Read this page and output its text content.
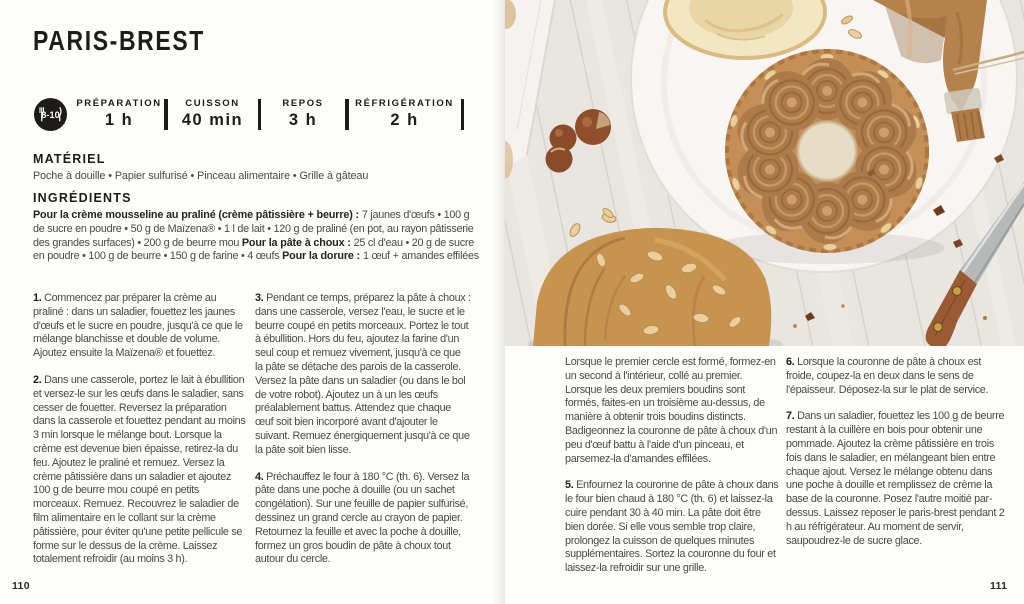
PARIS-BREST
8-10
PRÉPARATION
1 h
CUISSON
40 min
REPOS
3 h
RÉFRIGÉRATION
2 h
MATÉRIEL
Poche à douille • Papier sulfurisé • Pinceau alimentaire • Grille à gâteau
INGRÉDIENTS
Pour la crème mousseline au praliné (crème pâtissière + beurre) : 7 jaunes d'œufs • 100 g de sucre en poudre • 50 g de Maïzena® • 1 l de lait • 120 g de praliné (en pot, au rayon pâtisserie des grandes surfaces) • 200 g de beurre mou Pour la pâte à choux : 25 cl d'eau • 20 g de sucre en poudre • 100 g de beurre • 150 g de farine • 4 œufs Pour la dorure : 1 œuf + amandes effilées

1. Commencez par préparer la crème au praliné : dans un saladier, fouettez les jaunes d'œufs et le sucre en poudre, jusqu'à ce que le mélange blanchisse et double de volume. Ajoutez ensuite la Maïzena® et fouettez.

2. Dans une casserole, portez le lait à ébullition et versez-le sur les œufs dans le saladier, sans cesser de fouetter. Reversez la préparation dans la casserole et fouettez pendant au moins 3 min lorsque le mélange bout. Lorsque la crème est devenue bien épaisse, retirez-la du feu. Ajoutez le praliné et remuez. Versez la crème pâtissière dans un saladier et ajoutez 100 g de beurre mou coupé en petits morceaux. Remuez. Recouvrez le saladier de film alimentaire en le collant sur la crème pâtissière, pour éviter qu'une petite pellicule se forme sur le dessus de la crème. Laissez totalement refroidir (au moins 3 h).

3. Pendant ce temps, préparez la pâte à choux : dans une casserole, versez l'eau, le sucre et le beurre coupé en petits morceaux. Portez le tout à ébullition. Hors du feu, ajoutez la farine d'un seul coup et remuez vivement, jusqu'à ce que la pâte se détache des parois de la casserole. Versez la pâte dans un saladier (ou dans le bol de votre robot). Ajoutez un à un les œufs préalablement battus. Attendez que chaque œuf soit bien incorporé avant d'ajouter le suivant. Remuez énergiquement jusqu'à ce que la pâte soit bien lisse.

4. Préchauffez le four à 180 °C (th. 6). Versez la pâte dans une poche à douille (ou un sachet congélation). Sur une feuille de papier sulfurisé, dessinez un grand cercle au crayon de papier. Retournez la feuille et avec la poche à douille, formez un gros boudin de pâte à choux tout autour du cercle.

Lorsque le premier cercle est formé, formez-en un second à l'intérieur, collé au premier. Lorsque les deux premiers boudins sont formés, faites-en un troisième au-dessus, de manière à obtenir trois boudins distincts. Badigeonnez la couronne de pâte à choux d'un peu d'œuf battu à l'aide d'un pinceau, et parsemez-la d'amandes effilées.

5. Enfournez la couronne de pâte à choux dans le four bien chaud à 180 °C (th. 6) et laissez-la cuire pendant 30 à 40 min. La pâte doit être bien dorée. Si elle vous semble trop claire, prolongez la cuisson de quelques minutes supplémentaires. Sortez la couronne du four et laissez-la refroidir sur une grille.

6. Lorsque la couronne de pâte à choux est froide, coupez-la en deux dans le sens de l'épaisseur. Déposez-la sur le plat de service.

7. Dans un saladier, fouettez les 100 g de beurre restant à la cuillère en bois pour obtenir une pommade. Ajoutez la crème pâtissière en trois fois dans le saladier, en mélangeant bien entre chaque ajout. Versez le mélange obtenu dans une poche à douille et remplissez de crème la base de la couronne. Posez l'autre moitié par-dessus. Laissez reposer le paris-brest pendant 2 h au réfrigérateur. Au moment de servir, saupoudrez-le de sucre glace.

110	111
